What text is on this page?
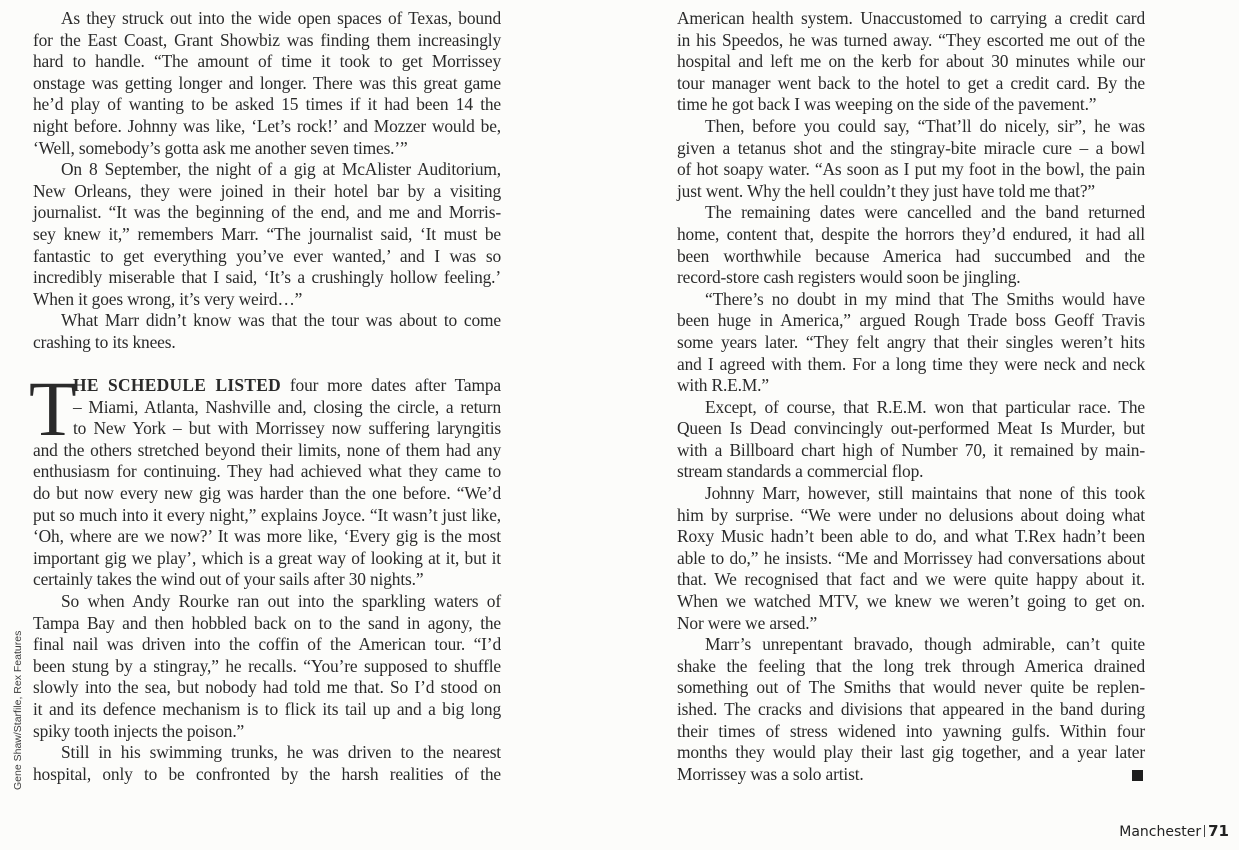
As they struck out into the wide open spaces of Texas, bound
for the East Coast, Grant Showbiz was finding them increasingly
hard to handle. “The amount of time it took to get Morrissey
onstage was getting longer and longer. There was this great game
he’d play of wanting to be asked 15 times if it had been 14 the
night before. Johnny was like, ‘Let’s rock!’ and Mozzer would be,
‘Well, somebody’s gotta ask me another seven times.’”
On 8 September, the night of a gig at McAlister Auditorium,
New Orleans, they were joined in their hotel bar by a visiting
journalist. “It was the beginning of the end, and me and Morris-
sey knew it,” remembers Marr. “The journalist said, ‘It must be
fantastic to get everything you’ve ever wanted,’ and I was so
incredibly miserable that I said, ‘It’s a crushingly hollow feeling.’
When it goes wrong, it’s very weird…”
What Marr didn’t know was that the tour was about to come
crashing to its knees.
T
HE SCHEDULE LISTED four more dates after Tampa
– Miami, Atlanta, Nashville and, closing the circle, a return
to New York – but with Morrissey now suffering laryngitis
and the others stretched beyond their limits, none of them had any
enthusiasm for continuing. They had achieved what they came to
do but now every new gig was harder than the one before. “We’d
put so much into it every night,” explains Joyce. “It wasn’t just like,
‘Oh, where are we now?’ It was more like, ‘Every gig is the most
important gig we play’, which is a great way of looking at it, but it
certainly takes the wind out of your sails after 30 nights.”
So when Andy Rourke ran out into the sparkling waters of
Tampa Bay and then hobbled back on to the sand in agony, the
final nail was driven into the coffin of the American tour. “I’d
been stung by a stingray,” he recalls. “You’re supposed to shuffle
slowly into the sea, but nobody had told me that. So I’d stood on
it and its defence mechanism is to flick its tail up and a big long
spiky tooth injects the poison.”
Still in his swimming trunks, he was driven to the nearest
hospital, only to be confronted by the harsh realities of the
Gene Shaw/Starfile, Rex Features
American health system. Unaccustomed to carrying a credit card
in his Speedos, he was turned away. “They escorted me out of the
hospital and left me on the kerb for about 30 minutes while our
tour manager went back to the hotel to get a credit card. By the
time he got back I was weeping on the side of the pavement.”
Then, before you could say, “That’ll do nicely, sir”, he was
given a tetanus shot and the stingray-bite miracle cure – a bowl
of hot soapy water. “As soon as I put my foot in the bowl, the pain
just went. Why the hell couldn’t they just have told me that?”
The remaining dates were cancelled and the band returned
home, content that, despite the horrors they’d endured, it had all
been worthwhile because America had succumbed and the
record-store cash registers would soon be jingling.
“There’s no doubt in my mind that The Smiths would have
been huge in America,” argued Rough Trade boss Geoff Travis
some years later. “They felt angry that their singles weren’t hits
and I agreed with them. For a long time they were neck and neck
with R.E.M.”
Except, of course, that R.E.M. won that particular race. The
Queen Is Dead convincingly out-performed Meat Is Murder, but
with a Billboard chart high of Number 70, it remained by main-
stream standards a commercial flop.
Johnny Marr, however, still maintains that none of this took
him by surprise. “We were under no delusions about doing what
Roxy Music hadn’t been able to do, and what T.Rex hadn’t been
able to do,” he insists. “Me and Morrissey had conversations about
that. We recognised that fact and we were quite happy about it.
When we watched MTV, we knew we weren’t going to get on.
Nor were we arsed.”
Marr’s unrepentant bravado, though admirable, can’t quite
shake the feeling that the long trek through America drained
something out of The Smiths that would never quite be replen-
ished. The cracks and divisions that appeared in the band during
their times of stress widened into yawning gulfs. Within four
months they would play their last gig together, and a year later
Morrissey was a solo artist.
Manchester 71
